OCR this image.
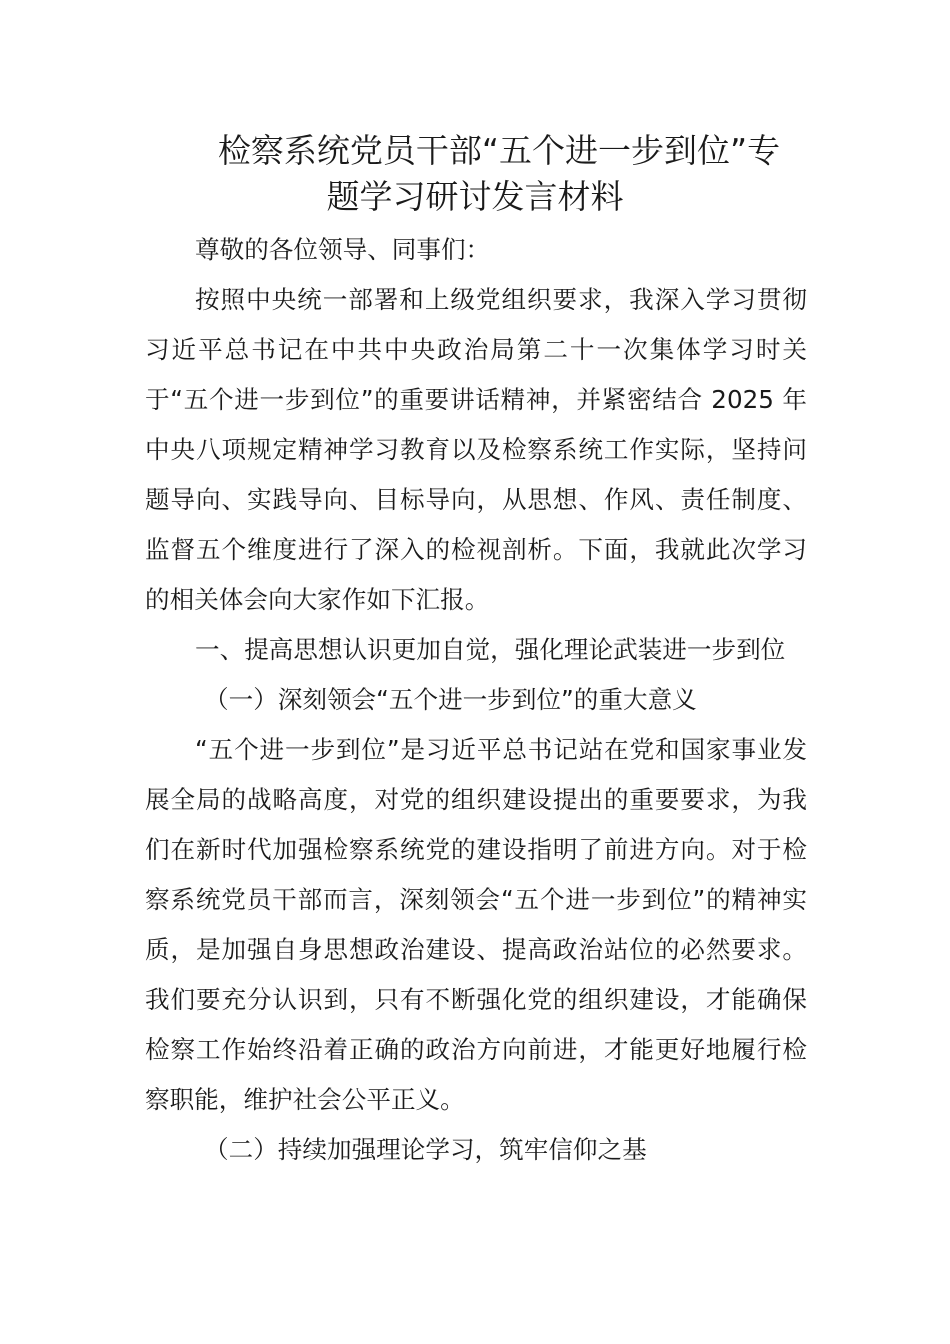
检察系统党员干部“五个进一步到位”专
题学习研讨发言材料

尊敬的各位领导、同事们：

按照中央统一部署和上级党组织要求，我深入学习贯彻习近平总书记在中共中央政治局第二十一次集体学习时关于“五个进一步到位”的重要讲话精神，并紧密结合 2025 年中央八项规定精神学习教育以及检察系统工作实际，坚持问题导向、实践导向、目标导向，从思想、作风、责任制度、监督五个维度进行了深入的检视剖析。下面，我就此次学习的相关体会向大家作如下汇报。

一、提高思想认识更加自觉，强化理论武装进一步到位

（一）深刻领会“五个进一步到位”的重大意义

“五个进一步到位”是习近平总书记站在党和国家事业发展全局的战略高度，对党的组织建设提出的重要要求，为我们在新时代加强检察系统党的建设指明了前进方向。对于检察系统党员干部而言，深刻领会“五个进一步到位”的精神实质，是加强自身思想政治建设、提高政治站位的必然要求。我们要充分认识到，只有不断强化党的组织建设，才能确保检察工作始终沿着正确的政治方向前进，才能更好地履行检察职能，维护社会公平正义。

（二）持续加强理论学习，筑牢信仰之基
